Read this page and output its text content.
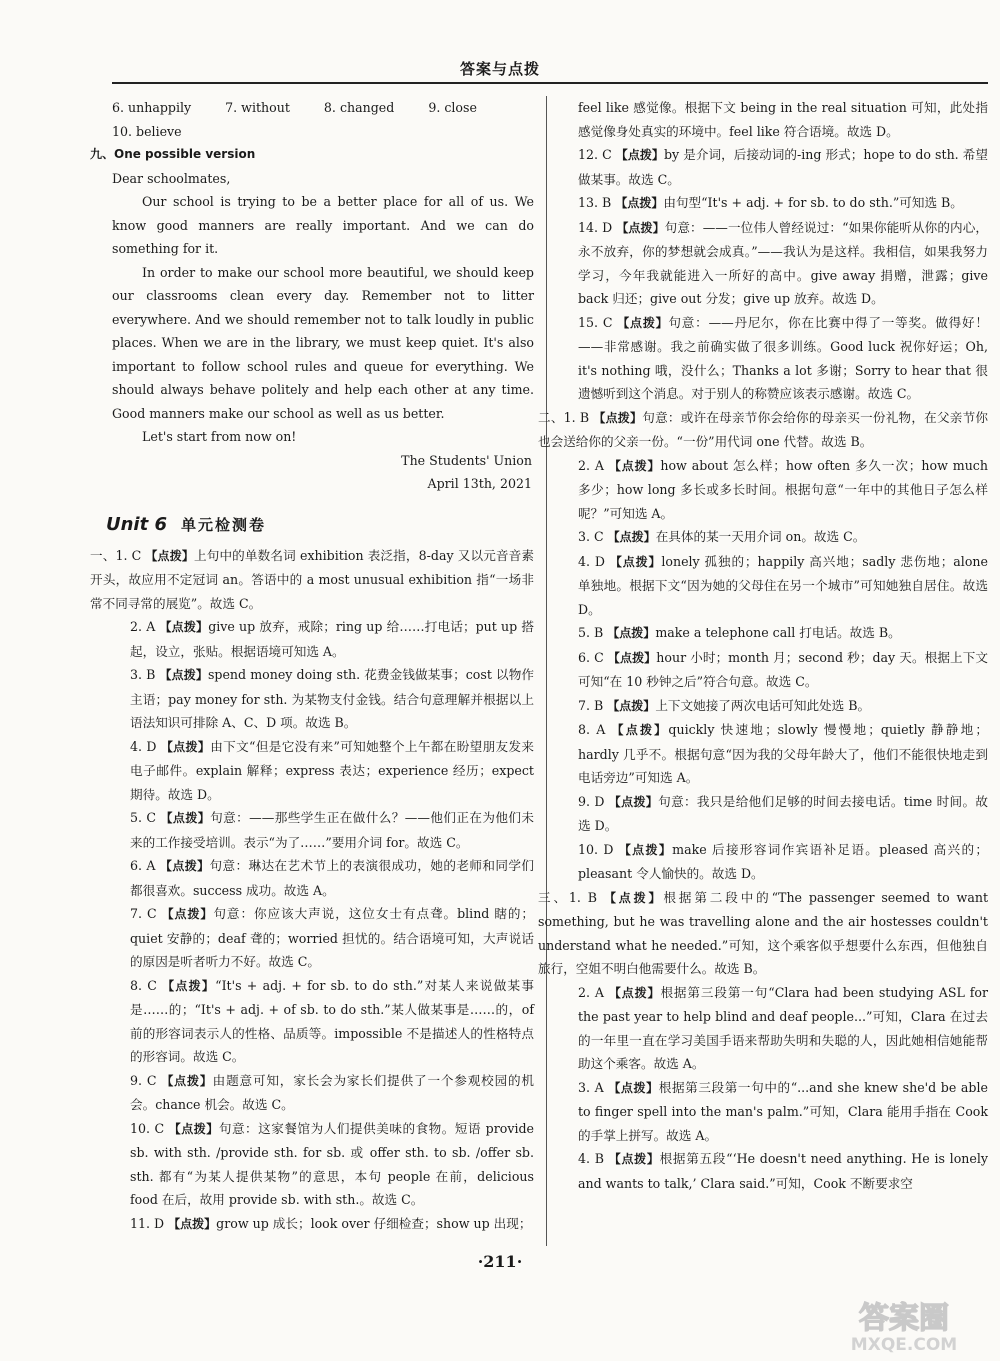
答案与点拨
6. unhappily	7. without	8. changed	9. close

10. believe

九、One possible version

Dear schoolmates,

Our school is trying to be a better place for all of us. We know good manners are really important. And we can do something for it.

In order to make our school more beautiful, we should keep our classrooms clean every day. Remember not to litter everywhere. And we should remember not to talk loudly in public places. When we are in the library, we must keep quiet. It's also important to follow school rules and queue for everything. We should always behave politely and help each other at any time. Good manners make our school as well as us better.

Let's start from now on!

The Students' Union

April 13th, 2021

Unit 6 单元检测卷

一、1. C 【点拨】上句中的单数名词 exhibition 表泛指，8-day 又以元音音素开头，故应用不定冠词 an。答语中的 a most unusual exhibition 指“一场非常不同寻常的展览”。故选 C。

2. A 【点拨】give up 放弃，戒除；ring up 给……打电话；put up 搭起，设立，张贴。根据语境可知选 A。

3. B 【点拨】spend money doing sth. 花费金钱做某事；cost 以物作主语；pay money for sth. 为某物支付金钱。结合句意理解并根据以上语法知识可排除 A、C、D 项。故选 B。

4. D 【点拨】由下文“但是它没有来”可知她整个上午都在盼望朋友发来电子邮件。explain 解释；express 表达；experience 经历；expect 期待。故选 D。

5. C 【点拨】句意：——那些学生正在做什么？——他们正在为他们未来的工作接受培训。表示“为了……”要用介词 for。故选 C。

6. A 【点拨】句意：琳达在艺术节上的表演很成功，她的老师和同学们都很喜欢。success 成功。故选 A。

7. C 【点拨】句意：你应该大声说，这位女士有点聋。blind 瞎的；quiet 安静的；deaf 聋的；worried 担忧的。结合语境可知，大声说话的原因是听者听力不好。故选 C。

8. C 【点拨】“It's + adj. + for sb. to do sth.”对某人来说做某事是……的；“It's + adj. + of sb. to do sth.”某人做某事是……的，of 前的形容词表示人的性格、品质等。impossible 不是描述人的性格特点的形容词。故选 C。

9. C 【点拨】由题意可知，家长会为家长们提供了一个参观校园的机会。chance 机会。故选 C。

10. C 【点拨】句意：这家餐馆为人们提供美味的食物。短语 provide sb. with sth. /provide sth. for sb. 或 offer sth. to sb. /offer sb. sth. 都有“为某人提供某物”的意思，本句 people 在前，delicious food 在后，故用 provide sb. with sth.。故选 C。

11. D 【点拨】grow up 成长；look over 仔细检查；show up 出现；

feel like 感觉像。根据下文 being in the real situation 可知，此处指感觉像身处真实的环境中。feel like 符合语境。故选 D。

12. C 【点拨】by 是介词，后接动词的-ing 形式；hope to do sth. 希望做某事。故选 C。

13. B 【点拨】由句型“It's + adj. + for sb. to do sth.”可知选 B。

14. D 【点拨】句意：——一位伟人曾经说过：“如果你能听从你的内心，永不放弃，你的梦想就会成真。”——我认为是这样。我相信，如果我努力学习，今年我就能进入一所好的高中。give away 捐赠，泄露；give back 归还；give out 分发；give up 放弃。故选 D。

15. C 【点拨】句意：——丹尼尔，你在比赛中得了一等奖。做得好！——非常感谢。我之前确实做了很多训练。Good luck 祝你好运；Oh, it's nothing 哦，没什么；Thanks a lot 多谢；Sorry to hear that 很遗憾听到这个消息。对于别人的称赞应该表示感谢。故选 C。

二、1. B 【点拨】句意：或许在母亲节你会给你的母亲买一份礼物，在父亲节你也会送给你的父亲一份。“一份”用代词 one 代替。故选 B。

2. A 【点拨】how about 怎么样；how often 多久一次；how much 多少；how long 多长或多长时间。根据句意“一年中的其他日子怎么样呢？”可知选 A。

3. C 【点拨】在具体的某一天用介词 on。故选 C。

4. D 【点拨】lonely 孤独的；happily 高兴地；sadly 悲伤地；alone 单独地。根据下文“因为她的父母住在另一个城市”可知她独自居住。故选 D。

5. B 【点拨】make a telephone call 打电话。故选 B。

6. C 【点拨】hour 小时；month 月；second 秒；day 天。根据上下文可知“在 10 秒钟之后”符合句意。故选 C。

7. B 【点拨】上下文她接了两次电话可知此处选 B。

8. A 【点拨】quickly 快速地；slowly 慢慢地；quietly 静静地；hardly 几乎不。根据句意“因为我的父母年龄大了，他们不能很快地走到电话旁边”可知选 A。

9. D 【点拨】句意：我只是给他们足够的时间去接电话。time 时间。故选 D。

10. D 【点拨】make 后接形容词作宾语补足语。pleased 高兴的；pleasant 令人愉快的。故选 D。

三、1. B 【点拨】根据第二段中的“The passenger seemed to want something, but he was travelling alone and the air hostesses couldn't understand what he needed.”可知，这个乘客似乎想要什么东西，但他独自旅行，空姐不明白他需要什么。故选 B。

2. A 【点拨】根据第三段第一句“Clara had been studying ASL for the past year to help blind and deaf people...”可知，Clara 在过去的一年里一直在学习美国手语来帮助失明和失聪的人，因此她相信她能帮助这个乘客。故选 A。

3. A 【点拨】根据第三段第一句中的“...and she knew she'd be able to finger spell into the man's palm.”可知，Clara 能用手指在 Cook 的手掌上拼写。故选 A。

4. B 【点拨】根据第五段“‘He doesn't need anything. He is lonely and wants to talk,’ Clara said.”可知，Cook 不断要求空

·211·
答案圈
MXQE.COM
